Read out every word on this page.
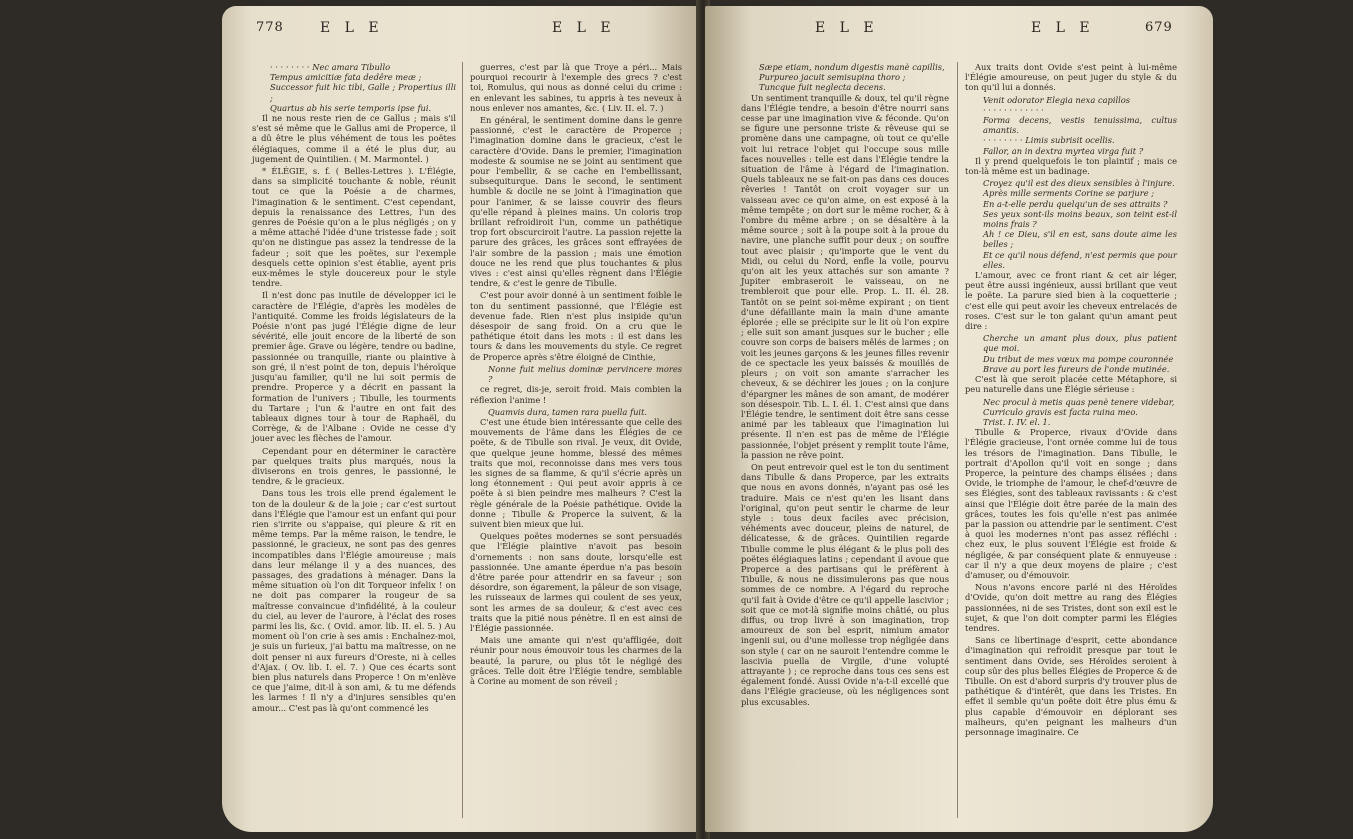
778	E L E	E L E

· · · · · · · · Nec amara Tibullo

Tempus amicitiæ fata dedêre meæ ;

Successor fuit hic tibi, Galle ; Propertius illi ;

Quartus ab his serie temporis ipse fui.

Il ne nous reste rien de ce Gallus ; mais s'il s'est sé même que le Gallus ami de Properce, il a dû être le plus véhément de tous les poëtes élégiaques, comme il a été le plus dur, au jugement de Quintilien. ( M. Marmontel. )

* ÉLÉGIE, s. f. ( Belles-Lettres ). L'Élégie, dans sa simplicité touchante & noble, réunit tout ce que la Poésie a de charmes, l'imagination & le sentiment. C'est cependant, depuis la renaissance des Lettres, l'un des genres de Poésie qu'on a le plus négligés ; on y a même attaché l'idée d'une tristesse fade ; soit qu'on ne distingue pas assez la tendresse de la fadeur ; soit que les poëtes, sur l'exemple desquels cette opinion s'est établie, ayent pris eux-mêmes le style doucereux pour le style tendre.

Il n'est donc pas inutile de développer ici le caractère de l'Élégie, d'après les modèles de l'antiquité. Comme les froids législateurs de la Poésie n'ont pas jugé l'Élégie digne de leur sévérité, elle jouit encore de la liberté de son premier âge. Grave ou légère, tendre ou badine, passionnée ou tranquille, riante ou plaintive à son gré, il n'est point de ton, depuis l'héroïque jusqu'au familier, qu'il ne lui soit permis de prendre. Properce y a décrit en passant la formation de l'univers ; Tibulle, les tourments du Tartare ; l'un & l'autre en ont fait des tableaux dignes tour à tour de Raphaël, du Corrège, & de l'Albane : Ovide ne cesse d'y jouer avec les flèches de l'amour.

Cependant pour en déterminer le caractère par quelques traits plus marqués, nous la diviserons en trois genres, le passionné, le tendre, & le gracieux.

Dans tous les trois elle prend également le ton de la douleur & de la joie ; car c'est surtout dans l'Élégie que l'amour est un enfant qui pour rien s'irrite ou s'appaise, qui pleure & rit en même temps. Par la même raison, le tendre, le passionné, le gracieux, ne sont pas des genres incompatibles dans l'Élégie amoureuse ; mais dans leur mélange il y a des nuances, des passages, des gradations à ménager. Dans la même situation où l'on dit Torqueor infelix ! on ne doit pas comparer la rougeur de sa maîtresse convaincue d'infidélité, à la couleur du ciel, au lever de l'aurore, à l'éclat des roses parmi les lis, &c. ( Ovid. amor. lib. II. el. 5. ) Au moment où l'on crie à ses amis : Enchaînez-moi, je suis un furieux, j'ai battu ma maîtresse, on ne doit penser ni aux fureurs d'Oreste, ni à celles d'Ajax. ( Ov. lib. I. el. 7. ) Que ces écarts sont bien plus naturels dans Properce ! On m'enlève ce que j'aime, dit-il à son ami, & tu me défends les larmes ! Il n'y a d'injures sensibles qu'en amour... C'est pas là qu'ont commencé les

guerres, c'est par là que Troye a péri... Mais pourquoi recourir à l'exemple des grecs ? c'est toi, Romulus, qui nous as donné celui du crime : en enlevant les sabines, tu appris à tes neveux à nous enlever nos amantes, &c. ( Liv. II. el. 7. )

En général, le sentiment domine dans le genre passionné, c'est le caractère de Properce ; l'imagination domine dans le gracieux, c'est le caractère d'Ovide. Dans le premier, l'imagination modeste & soumise ne se joint au sentiment que pour l'embellir, & se cache en l'embellissant, subsequiturque. Dans le second, le sentiment humble & docile ne se joint à l'imagination que pour l'animer, & se laisse couvrir des fleurs qu'elle répand à pleines mains. Un coloris trop brillant refroidiroit l'un, comme un pathétique trop fort obscurciroit l'autre. La passion rejette la parure des grâces, les grâces sont effrayées de l'air sombre de la passion ; mais une émotion douce ne les rend que plus touchantes & plus vives : c'est ainsi qu'elles règnent dans l'Élégie tendre, & c'est le genre de Tibulle.

C'est pour avoir donné à un sentiment foible le ton du sentiment passionné, que l'Élégie est devenue fade. Rien n'est plus insipide qu'un désespoir de sang froid. On a cru que le pathétique étoit dans les mots : il est dans les tours & dans les mouvements du style. Ce regret de Properce après s'être éloigné de Cinthie,

Nonne fuit melius dominæ pervincere mores ?

ce regret, dis-je, seroit froid. Mais combien la réflexion l'anime !

Quamvis dura, tamen rara puella fuit.

C'est une étude bien intéressante que celle des mouvements de l'âme dans les Élégies de ce poëte, & de Tibulle son rival. Je veux, dit Ovide, que quelque jeune homme, blessé des mêmes traits que moi, reconnoisse dans mes vers tous les signes de sa flamme, & qu'il s'écrie après un long étonnement : Qui peut avoir appris à ce poëte à si bien peindre mes malheurs ? C'est la règle générale de la Poésie pathétique. Ovide la donne ; Tibulle & Properce la suivent, & la suivent bien mieux que lui.

Quelques poëtes modernes se sont persuadés que l'Élégie plaintive n'avoit pas besoin d'ornements : non sans doute, lorsqu'elle est passionnée. Une amante éperdue n'a pas besoin d'être parée pour attendrir en sa faveur ; son désordre, son égarement, la pâleur de son visage, les ruisseaux de larmes qui coulent de ses yeux, sont les armes de sa douleur, & c'est avec ces traits que la pitié nous pénètre. Il en est ainsi de l'Élégie passionnée.

Mais une amante qui n'est qu'affligée, doit réunir pour nous émouvoir tous les charmes de la beauté, la parure, ou plus tôt le négligé des grâces. Telle doit être l'Élégie tendre, semblable à Corine au moment de son réveil ;

E L E	E L E	679

Sæpe etiam, nondum digestis manè capillis,

Purpureo jacuit semisupina thoro ;

Tuncque fuit neglecta decens.

Un sentiment tranquille & doux, tel qu'il règne dans l'Élégie tendre, a besoin d'être nourri sans cesse par une imagination vive & féconde. Qu'on se figure une personne triste & rêveuse qui se promène dans une campagne, où tout ce qu'elle voit lui retrace l'objet qui l'occupe sous mille faces nouvelles : telle est dans l'Élégie tendre la situation de l'âme à l'égard de l'imagination. Quels tableaux ne se fait-on pas dans ces douces rêveries ! Tantôt on croit voyager sur un vaisseau avec ce qu'on aime, on est exposé à la même tempête ; on dort sur le même rocher, & à l'ombre du même arbre ; on se désaltère à la même source ; soit à la poupe soit à la proue du navire, une planche suffit pour deux ; on souffre tout avec plaisir ; qu'importe que le vent du Midi, ou celui du Nord, enfle la voile, pourvu qu'on ait les yeux attachés sur son amante ? Jupiter embraseroit le vaisseau, on ne trembleroit que pour elle. Prop. L. II. él. 28. Tantôt on se peint soi-même expirant ; on tient d'une défaillante main la main d'une amante éplorée ; elle se précipite sur le lit où l'on expire ; elle suit son amant jusques sur le bucher ; elle couvre son corps de baisers mêlés de larmes ; on voit les jeunes garçons & les jeunes filles revenir de ce spectacle les yeux baissés & mouillés de pleurs ; on voit son amante s'arracher les cheveux, & se déchirer les joues ; on la conjure d'épargner les mânes de son amant, de modérer son désespoir. Tib. L. I. él. 1. C'est ainsi que dans l'Élégie tendre, le sentiment doit être sans cesse animé par les tableaux que l'imagination lui présente. Il n'en est pas de même de l'Élégie passionnée, l'objet présent y remplit toute l'âme, la passion ne rêve point.

On peut entrevoir quel est le ton du sentiment dans Tibulle & dans Properce, par les extraits que nous en avons donnés, n'ayant pas osé les traduire. Mais ce n'est qu'en les lisant dans l'original, qu'on peut sentir le charme de leur style : tous deux faciles avec précision, véhéments avec douceur, pleins de naturel, de délicatesse, & de grâces. Quintilien regarde Tibulle comme le plus élégant & le plus poli des poëtes élégiaques latins ; cependant il avoue que Properce a des partisans qui le préfèrent à Tibulle, & nous ne dissimulerons pas que nous sommes de ce nombre. A l'égard du reproche qu'il fait à Ovide d'être ce qu'il appelle lascivior ; soit que ce mot-là signifie moins châtié, ou plus diffus, ou trop livré à son imagination, trop amoureux de son bel esprit, nimium amator ingenii sui, ou d'une mollesse trop négligée dans son style ( car on ne sauroit l'entendre comme le lascivia puella de Virgile, d'une volupté attrayante ) ; ce reproche dans tous ces sens est également fondé. Aussi Ovide n'a-t-il excellé que dans l'Élégie gracieuse, où les négligences sont plus excusables.

Aux traits dont Ovide s'est peint à lui-même l'Élégie amoureuse, on peut juger du style & du ton qu'il lui a donnés.

Venit odorator Elegia nexa capillos

· · · · · · · · · · · ·

Forma decens, vestis tenuissima, cultus amantis.

· · · · · · · · Limis subrisit ocellis.

Fallor, an in dextra myrtea virga fuit ?

Il y prend quelquefois le ton plaintif ; mais ce ton-là même est un badinage.

Croyez qu'il est des dieux sensibles à l'injure.

Après mille serments Corine se parjure ;

En a-t-elle perdu quelqu'un de ses attraits ?

Ses yeux sont-ils moins beaux, son teint est-il moins frais ?

Ah ! ce Dieu, s'il en est, sans doute aime les belles ;

Et ce qu'il nous défend, n'est permis que pour elles.

L'amour, avec ce front riant & cet air léger, peut être aussi ingénieux, aussi brillant que veut le poëte. La parure sied bien à la coquetterie ; c'est elle qui peut avoir les cheveux entrelacés de roses. C'est sur le ton galant qu'un amant peut dire :

Cherche un amant plus doux, plus patient que moi.

Du tribut de mes vœux ma pompe couronnée

Brave au port les fureurs de l'onde mutinée.

C'est là que seroit placée cette Métaphore, si peu naturelle dans une Élégie sérieuse :

Nec procul à metis quas penè tenere videbar,

Curriculo gravis est facta ruina meo.

Trist. I. IV. el. 1.

Tibulle & Properce, rivaux d'Ovide dans l'Élégie gracieuse, l'ont ornée comme lui de tous les trésors de l'imagination. Dans Tibulle, le portrait d'Apollon qu'il voit en songe ; dans Properce, la peinture des champs élisées ; dans Ovide, le triomphe de l'amour, le chef-d'œuvre de ses Élégies, sont des tableaux ravissants : & c'est ainsi que l'Élégie doit être parée de la main des grâces, toutes les fois qu'elle n'est pas animée par la passion ou attendrie par le sentiment. C'est à quoi les modernes n'ont pas assez réfléchi : chez eux, le plus souvent l'Élégie est froide & négligée, & par conséquent plate & ennuyeuse : car il n'y a que deux moyens de plaire ; c'est d'amuser, ou d'émouvoir.

Nous n'avons encore parlé ni des Héroïdes d'Ovide, qu'on doit mettre au rang des Élégies passionnées, ni de ses Tristes, dont son exil est le sujet, & que l'on doit compter parmi les Élégies tendres.

Sans ce libertinage d'esprit, cette abondance d'imagination qui refroidit presque par tout le sentiment dans Ovide, ses Héroïdes seroient à coup sûr des plus belles Élégies de Properce & de Tibulle. On est d'abord surpris d'y trouver plus de pathétique & d'intérêt, que dans les Tristes. En effet il semble qu'un poëte doit être plus ému & plus capable d'émouvoir en déplorant ses malheurs, qu'en peignant les malheurs d'un personnage imaginaire. Ce
